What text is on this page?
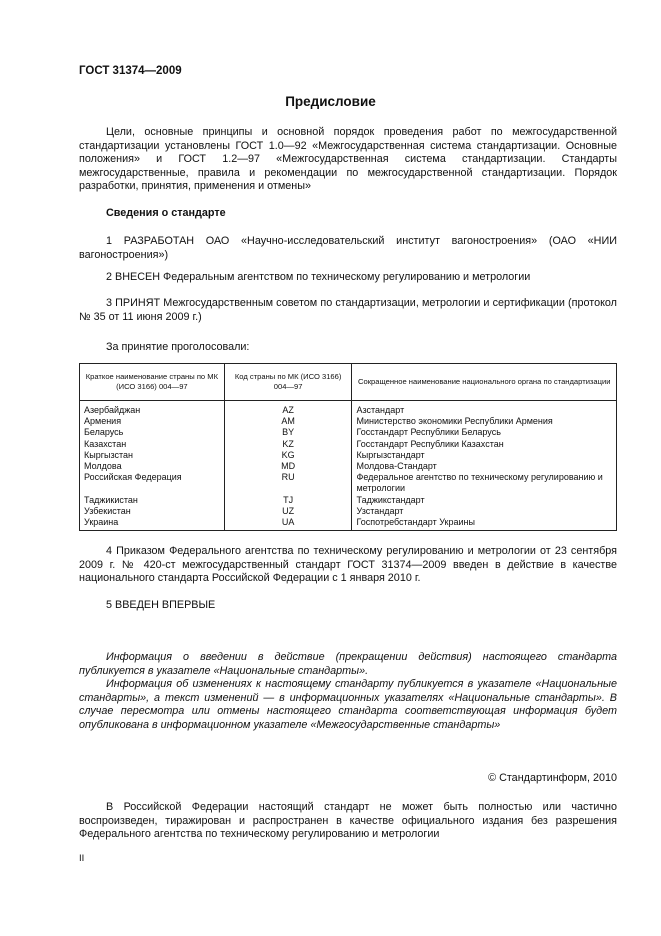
ГОСТ 31374—2009
Предисловие

Цели, основные принципы и основной порядок проведения работ по межгосударственной стандартизации установлены ГОСТ 1.0—92 «Межгосударственная система стандартизации. Основные положения» и ГОСТ 1.2—97 «Межгосударственная система стандартизации. Стандарты межгосударственные, правила и рекомендации по межгосударственной стандартизации. Порядок разработки, принятия, применения и отмены»

Сведения о стандарте

1 РАЗРАБОТАН ОАО «Научно-исследовательский институт вагоностроения» (ОАО «НИИ вагоностроения»)

2 ВНЕСЕН Федеральным агентством по техническому регулированию и метрологии

3 ПРИНЯТ Межгосударственным советом по стандартизации, метрологии и сертификации (протокол № 35 от 11 июня 2009 г.)

За принятие проголосовали:

Краткое наименование страны по МК (ИСО 3166) 004—97	Код страны по МК (ИСО 3166) 004—97	Сокращенное наименование национального органа по стандартизации
Азербайджан	AZ	Азстандарт
Армения	AM	Министерство экономики Республики Армения
Беларусь	BY	Госстандарт Республики Беларусь
Казахстан	KZ	Госстандарт Республики Казахстан
Кыргызстан	KG	Кыргызстандарт
Молдова	MD	Молдова-Стандарт
Российская Федерация	RU	Федеральное агентство по техническому регулированию и метрологии
Таджикистан	TJ	Таджикстандарт
Узбекистан	UZ	Узстандарт
Украина	UA	Госпотребстандарт Украины

4 Приказом Федерального агентства по техническому регулированию и метрологии от 23 сентября 2009 г. № 420-ст межгосударственный стандарт ГОСТ 31374—2009 введен в действие в качестве национального стандарта Российской Федерации с 1 января 2010 г.

5 ВВЕДЕН ВПЕРВЫЕ

Информация о введении в действие (прекращении действия) настоящего стандарта публикуется в указателе «Национальные стандарты».

Информация об изменениях к настоящему стандарту публикуется в указателе «Национальные стандарты», а текст изменений — в информационных указателях «Национальные стандарты». В случае пересмотра или отмены настоящего стандарта соответствующая информация будет опубликована в информационном указателе «Межгосударственные стандарты»

© Стандартинформ, 2010

В Российской Федерации настоящий стандарт не может быть полностью или частично воспроизведен, тиражирован и распространен в качестве официального издания без разрешения Федерального агентства по техническому регулированию и метрологии

II
